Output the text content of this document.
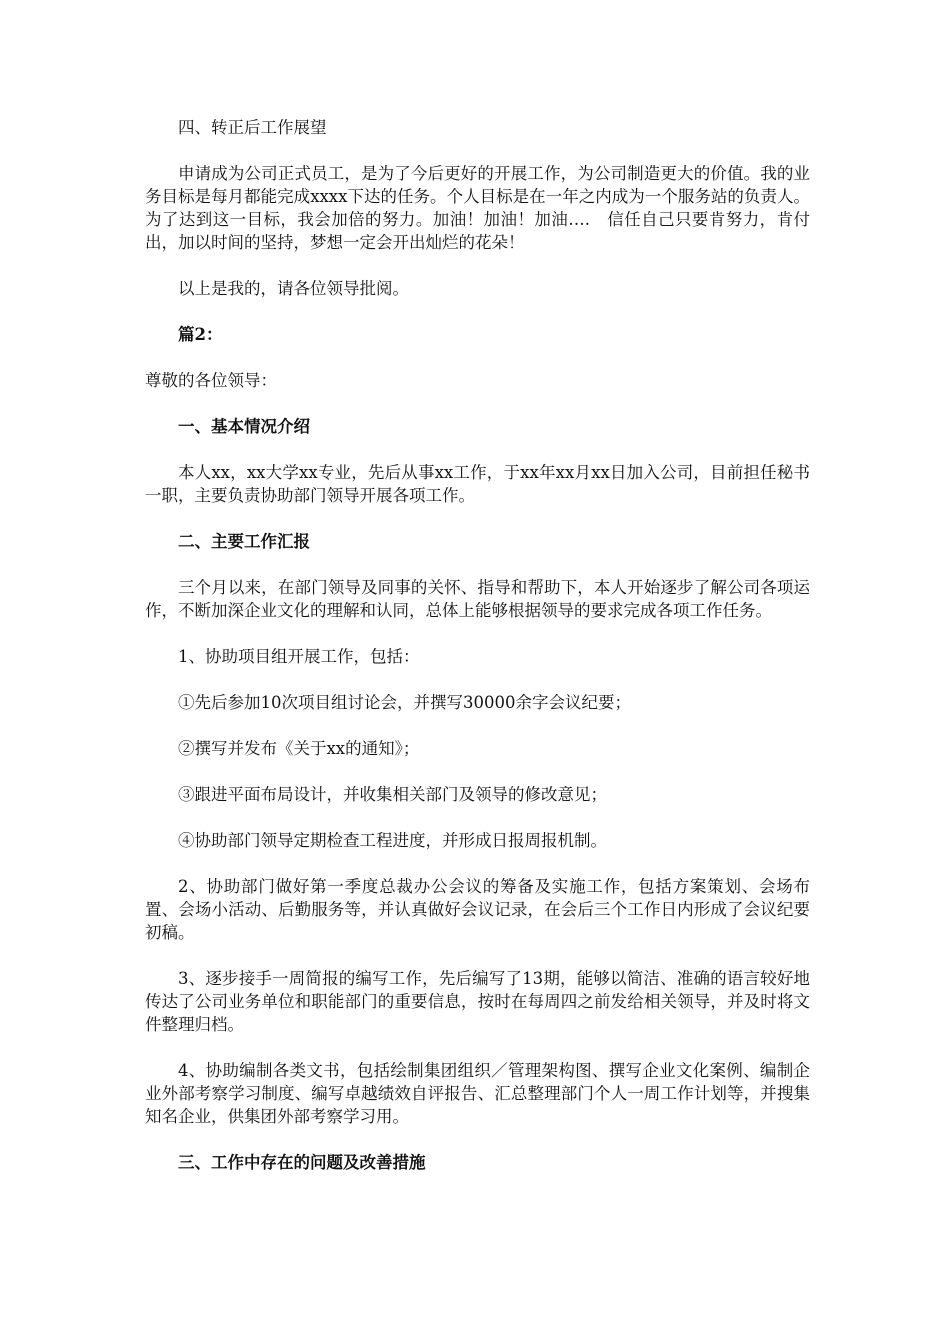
四、转正后工作展望

申请成为公司正式员工，是为了今后更好的开展工作，为公司制造更大的价值。我的业务目标是每月都能完成xxxx下达的任务。个人目标是在一年之内成为一个服务站的负责人。为了达到这一目标，我会加倍的努力。加油！加油！加油….　信任自己只要肯努力，肯付出，加以时间的坚持，梦想一定会开出灿烂的花朵！

以上是我的，请各位领导批阅。

篇2：

尊敬的各位领导：

一、基本情况介绍

本人xx，xx大学xx专业，先后从事xx工作，于xx年xx月xx日加入公司，目前担任秘书一职，主要负责协助部门领导开展各项工作。

二、主要工作汇报

三个月以来，在部门领导及同事的关怀、指导和帮助下，本人开始逐步了解公司各项运作，不断加深企业文化的理解和认同，总体上能够根据领导的要求完成各项工作任务。

1、协助项目组开展工作，包括：

①先后参加10次项目组讨论会，并撰写30000余字会议纪要；

②撰写并发布《关于xx的通知》；

③跟进平面布局设计，并收集相关部门及领导的修改意见；

④协助部门领导定期检查工程进度，并形成日报周报机制。

2、协助部门做好第一季度总裁办公会议的筹备及实施工作，包括方案策划、会场布置、会场小活动、后勤服务等，并认真做好会议记录，在会后三个工作日内形成了会议纪要初稿。

3、逐步接手一周简报的编写工作，先后编写了13期，能够以简洁、准确的语言较好地传达了公司业务单位和职能部门的重要信息，按时在每周四之前发给相关领导，并及时将文件整理归档。

4、协助编制各类文书，包括绘制集团组织／管理架构图、撰写企业文化案例、编制企业外部考察学习制度、编写卓越绩效自评报告、汇总整理部门个人一周工作计划等，并搜集知名企业，供集团外部考察学习用。

三、工作中存在的问题及改善措施
